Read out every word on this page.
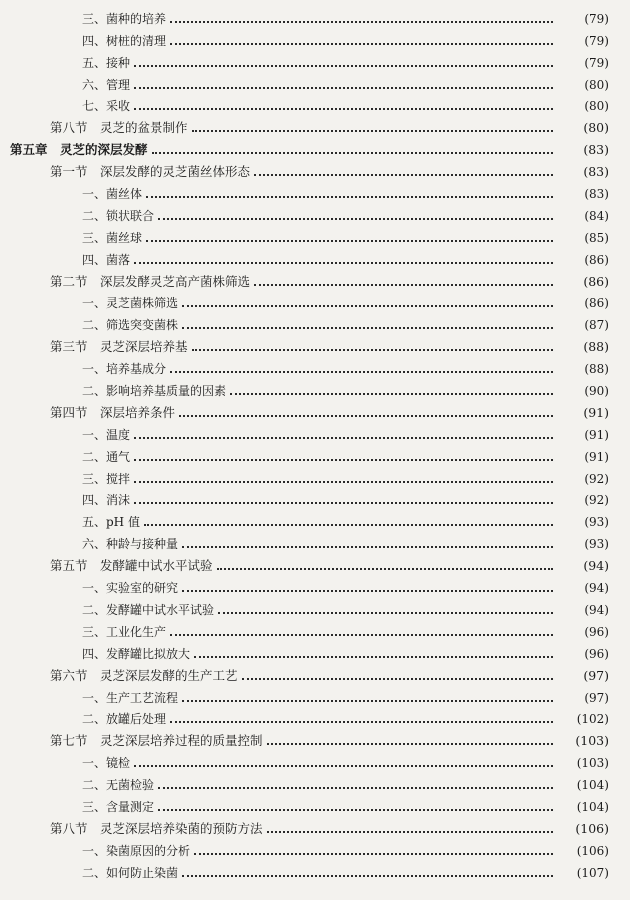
三、菌种的培养	(79)
四、树桩的清理	(79)
五、接种	(79)
六、管理	(80)
七、采收	(80)
第八节　灵芝的盆景制作	(80)
第五章　灵芝的深层发酵	(83)
第一节　深层发酵的灵芝菌丝体形态	(83)
一、菌丝体	(83)
二、锁状联合	(84)
三、菌丝球	(85)
四、菌落	(86)
第二节　深层发酵灵芝高产菌株筛选	(86)
一、灵芝菌株筛选	(86)
二、筛选突变菌株	(87)
第三节　灵芝深层培养基	(88)
一、培养基成分	(88)
二、影响培养基质量的因素	(90)
第四节　深层培养条件	(91)
一、温度	(91)
二、通气	(91)
三、搅拌	(92)
四、消沫	(92)
五、pH 值	(93)
六、种龄与接种量	(93)
第五节　发酵罐中试水平试验	(94)
一、实验室的研究	(94)
二、发酵罐中试水平试验	(94)
三、工业化生产	(96)
四、发酵罐比拟放大	(96)
第六节　灵芝深层发酵的生产工艺	(97)
一、生产工艺流程	(97)
二、放罐后处理	(102)
第七节　灵芝深层培养过程的质量控制	(103)
一、镜检	(103)
二、无菌检验	(104)
三、含量测定	(104)
第八节　灵芝深层培养染菌的预防方法	(106)
一、染菌原因的分析	(106)
二、如何防止染菌	(107)
